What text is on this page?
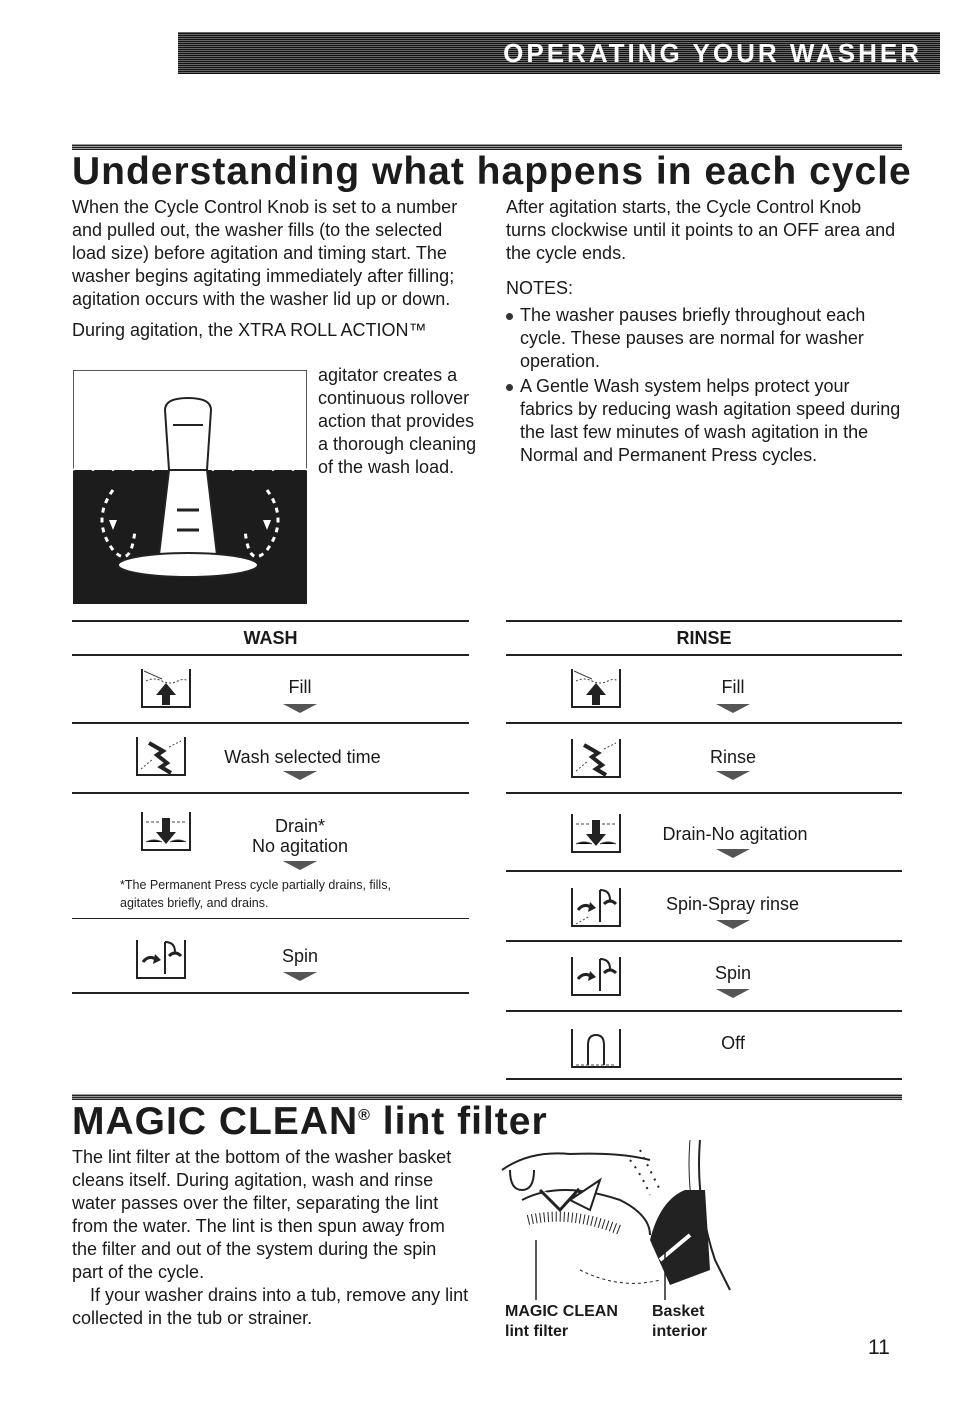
OPERATING YOUR WASHER
Understanding what happens in each cycle

When the Cycle Control Knob is set to a number and pulled out, the washer fills (to the selected load size) before agitation and timing start. The washer begins agitating immediately after filling; agitation occurs with the washer lid up or down.

During agitation, the XTRA ROLL ACTION™

agitator creates a continuous rollover action that provides a thorough cleaning of the wash load.

After agitation starts, the Cycle Control Knob turns clockwise until it points to an OFF area and the cycle ends.

NOTES:

The washer pauses briefly throughout each cycle. These pauses are normal for washer operation.
A Gentle Wash system helps protect your fabrics by reducing wash agitation speed during the last few minutes of wash agitation in the Normal and Permanent Press cycles.
WASH
Fill
Wash selected time
Drain*
No agitation
*The Permanent Press cycle partially drains, fills, agitates briefly, and drains.
Spin
RINSE
Fill
Rinse
Drain-No agitation
Spin-Spray rinse
Spin
Off
MAGIC CLEAN® lint filter

The lint filter at the bottom of the washer basket cleans itself. During agitation, wash and rinse water passes over the filter, separating the lint from the water. The lint is then spun away from the filter and out of the system during the spin part of the cycle.

If your washer drains into a tub, remove any lint collected in the tub or strainer.	MAGIC CLEAN
lint filter
Basket
interior
11
